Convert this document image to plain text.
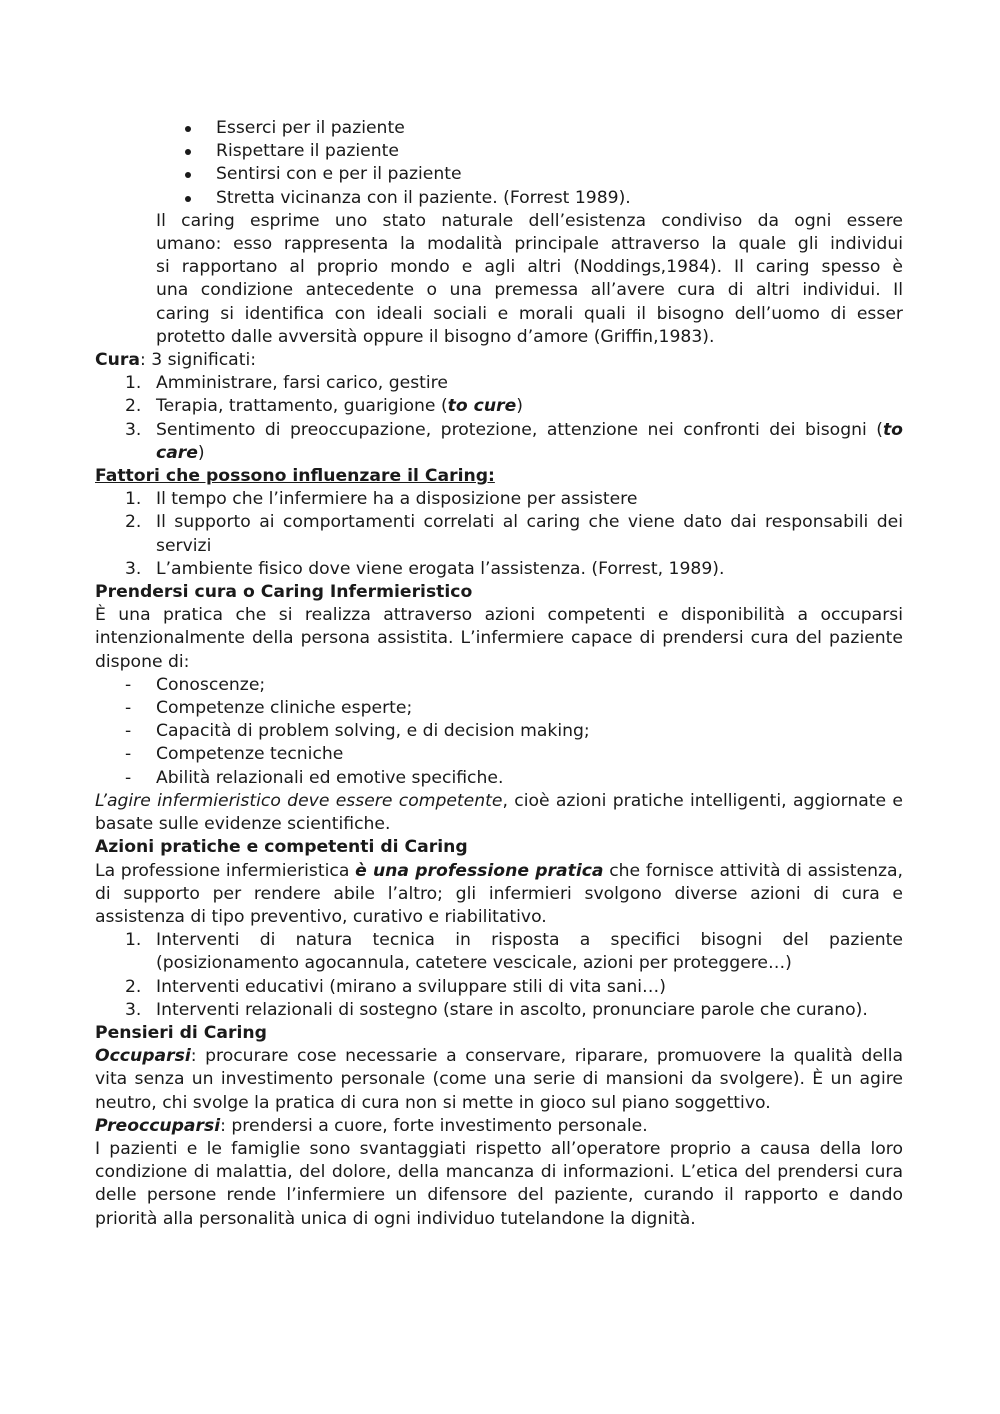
Esserci per il paziente
Rispettare il paziente
Sentirsi con e per il paziente
Stretta vicinanza con il paziente. (Forrest 1989).
Il caring esprime uno stato naturale dell’esistenza condiviso da ogni essere
umano: esso rappresenta la modalità principale attraverso la quale gli individui
si rapportano al proprio mondo e agli altri (Noddings,1984). Il caring spesso è
una condizione antecedente o una premessa all’avere cura di altri individui. Il
caring si identifica con ideali sociali e morali quali il bisogno dell’uomo di esser
protetto dalle avversità oppure il bisogno d’amore (Griffin,1983).

Cura: 3 significati:

1. Amministrare, farsi carico, gestire
2. Terapia, trattamento, guarigione (to cure)
3. Sentimento di preoccupazione, protezione, attenzione nei confronti dei bisogni (to care)

Fattori che possono influenzare il Caring:

1. Il tempo che l’infermiere ha a disposizione per assistere
2. Il supporto ai comportamenti correlati al caring che viene dato dai responsabili dei servizi
3. L’ambiente fisico dove viene erogata l’assistenza. (Forrest, 1989).

Prendersi cura o Caring Infermieristico

È una pratica che si realizza attraverso azioni competenti e disponibilità a occuparsi intenzionalmente della persona assistita. L’infermiere capace di prendersi cura del paziente dispone di:

- Conoscenze;
- Competenze cliniche esperte;
- Capacità di problem solving, e di decision making;
- Competenze tecniche
- Abilità relazionali ed emotive specifiche.

L’agire infermieristico deve essere competente, cioè azioni pratiche intelligenti, aggiornate e basate sulle evidenze scientifiche.

Azioni pratiche e competenti di Caring

La professione infermieristica è una professione pratica che fornisce attività di assistenza, di supporto per rendere abile l’altro; gli infermieri svolgono diverse azioni di cura e assistenza di tipo preventivo, curativo e riabilitativo.

1. Interventi di natura tecnica in risposta a specifici bisogni del paziente (posizionamento agocannula, catetere vescicale, azioni per proteggere…)
2. Interventi educativi (mirano a sviluppare stili di vita sani…)
3. Interventi relazionali di sostegno (stare in ascolto, pronunciare parole che curano).

Pensieri di Caring

Occuparsi: procurare cose necessarie a conservare, riparare, promuovere la qualità della vita senza un investimento personale (come una serie di mansioni da svolgere). È un agire neutro, chi svolge la pratica di cura non si mette in gioco sul piano soggettivo.

Preoccuparsi: prendersi a cuore, forte investimento personale.

I pazienti e le famiglie sono svantaggiati rispetto all’operatore proprio a causa della loro condizione di malattia, del dolore, della mancanza di informazioni. L’etica del prendersi cura delle persone rende l’infermiere un difensore del paziente, curando il rapporto e dando priorità alla personalità unica di ogni individuo tutelandone la dignità.
